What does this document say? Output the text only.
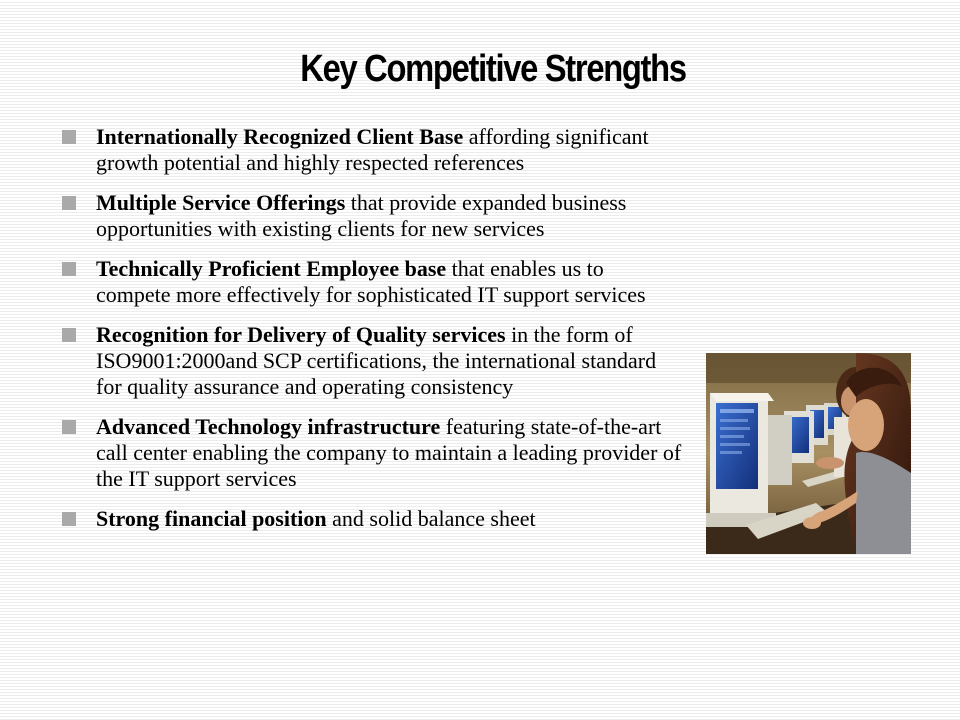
Key Competitive Strengths
Internationally Recognized Client Base affording significant growth potential and highly respected references
Multiple Service Offerings that provide expanded business opportunities with existing clients for new services
Technically Proficient Employee base that enables us to compete more effectively for sophisticated IT support services
Recognition for Delivery of Quality services in the form of ISO9001:2000and SCP certifications, the international standard for quality assurance and operating consistency
Advanced Technology infrastructure featuring state-of-the-art call center enabling the company to maintain a leading provider of the IT support services
Strong financial position and solid balance sheet
